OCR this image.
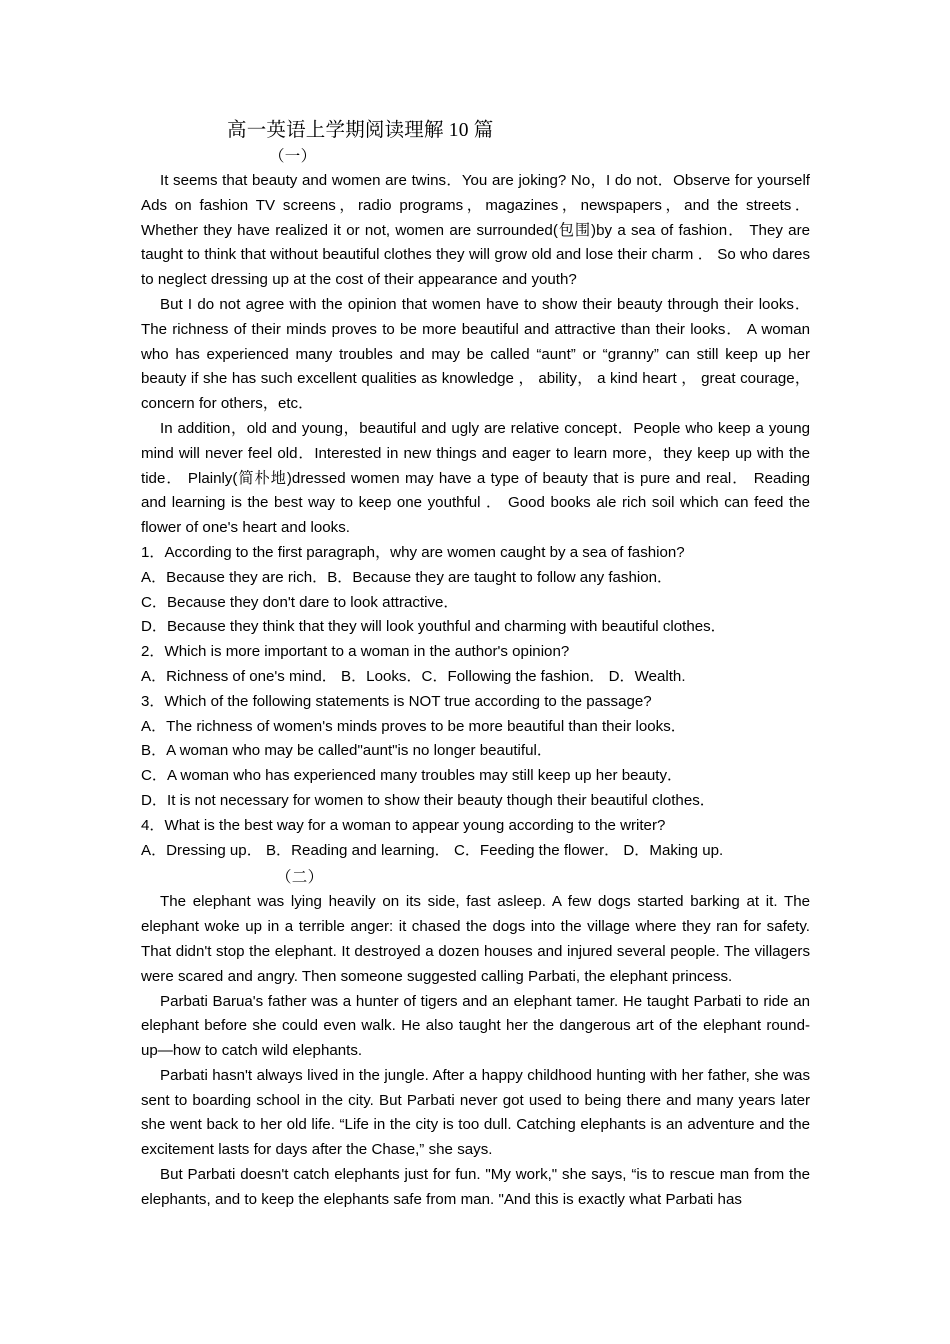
高一英语上学期阅读理解 10 篇
（一）

It seems that beauty and women are twins．You are joking? No，I do not．Observe for yourself Ads on fashion TV screens，radio programs，magazines，newspapers，and the streets．Whether they have realized it or not, women are surrounded(包围)by a sea of fashion． They are taught to think that without beautiful clothes they will grow old and lose their charm ． So who dares to neglect dressing up at the cost of their appearance and youth?

But I do not agree with the opinion that women have to show their beauty through their looks．The richness of their minds proves to be more beautiful and attractive than their looks． A woman who has experienced many troubles and may be called “aunt” or “granny” can still keep up her beauty if she has such excellent qualities as knowledge ， ability， a kind heart ， great courage，concern for others，etc．

In addition，old and young，beautiful and ugly are relative concept．People who keep a young mind will never feel old．Interested in new things and eager to learn more，they keep up with the tide． Plainly(简朴地)dressed women may have a type of beauty that is pure and real． Reading and learning is the best way to keep one youthful ． Good books ale rich soil which can feed the flower of one's heart and looks.

1．According to the first paragraph，why are women caught by a sea of fashion?
A．Because they are rich．B．Because they are taught to follow any fashion．
C．Because they don't dare to look attractive．
D．Because they think that they will look youthful and charming with beautiful clothes．
2．Which is more important to a woman in the author's opinion?
A．Richness of one's mind． B．Looks．C．Following the fashion． D．Wealth.
3．Which of the following statements is NOT true according to the passage?
A．The richness of women's minds proves to be more beautiful than their looks．
B．A woman who may be called"aunt"is no longer beautiful．
C．A woman who has experienced many troubles may still keep up her beauty．
D．It is not necessary for women to show their beauty though their beautiful clothes．
4．What is the best way for a woman to appear young according to the writer?
A．Dressing up． B．Reading and learning． C．Feeding the flower． D．Making up.
（二）

The elephant was lying heavily on its side, fast asleep. A few dogs started barking at it. The elephant woke up in a terrible anger: it chased the dogs into the village where they ran for safety. That didn't stop the elephant. It destroyed a dozen houses and injured several people. The villagers were scared and angry. Then someone suggested calling Parbati, the elephant princess.

Parbati Barua's father was a hunter of tigers and an elephant tamer. He taught Parbati to ride an elephant before she could even walk. He also taught her the dangerous art of the elephant round-up—how to catch wild elephants.

Parbati hasn't always lived in the jungle. After a happy childhood hunting with her father, she was sent to boarding school in the city. But Parbati never got used to being there and many years later she went back to her old life. “Life in the city is too dull. Catching elephants is an adventure and the excitement lasts for days after the Chase,” she says.

But Parbati doesn't catch elephants just for fun. "My work," she says, “is to rescue man from the elephants, and to keep the elephants safe from man. "And this is exactly what Parbati has
